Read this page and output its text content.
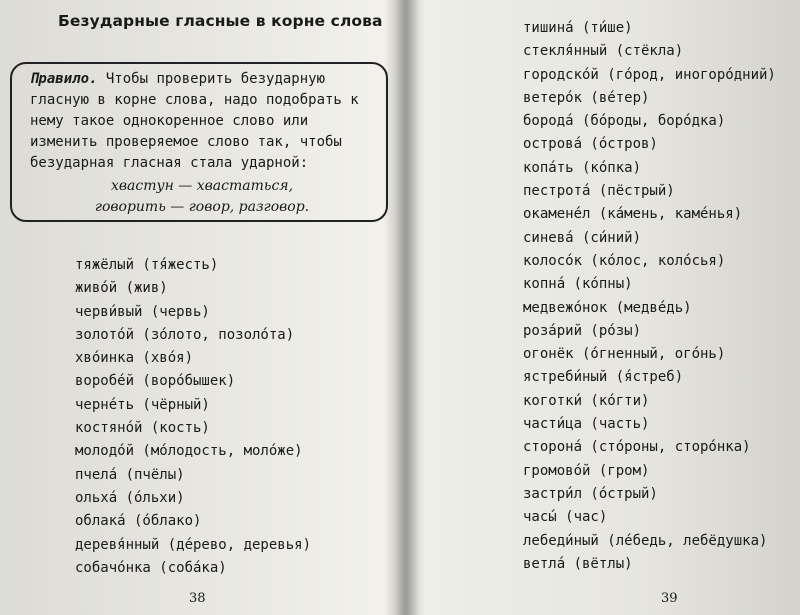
Безударные гласные в корне слова
Правило. Чтобы проверить безударную гласную в корне слова, надо подобрать к нему такое однокоренное слово или изменить проверяемое слово так, чтобы безударная гласная стала ударной:
хвастун — хвастаться,
говорить — говор, разговор.
тяжёлый (тя́жесть)
живо́й (жив)
черви́вый (червь)
золото́й (зо́лото, позоло́та)
хво́инка (хво́я)
воробе́й (воро́бышек)
черне́ть (чёрный)
костяно́й (кость)
молодо́й (мо́лодость, моло́же)
пчела́ (пчёлы)
ольха́ (о́льхи)
облака́ (о́блако)
деревя́нный (де́рево, деревья)
собачо́нка (соба́ка)
38
тишина́ (ти́ше)
стекля́нный (стёкла)
городско́й (го́род, иногоро́дний)
ветеро́к (ве́тер)
борода́ (бо́роды, боро́дка)
острова́ (о́стров)
копа́ть (ко́пка)
пестрота́ (пёстрый)
окамене́л (ка́мень, каме́нья)
синева́ (си́ний)
колосо́к (ко́лос, коло́сья)
копна́ (ко́пны)
медвежо́нок (медве́дь)
роза́рий (ро́зы)
огонёк (о́гненный, ого́нь)
ястреби́ный (я́стреб)
коготки́ (ко́гти)
части́ца (часть)
сторона́ (сто́роны, сторо́нка)
громово́й (гром)
застри́л (о́стрый)
часы́ (час)
лебеди́ный (ле́бедь, лебёдушка)
ветла́ (вётлы)
39
